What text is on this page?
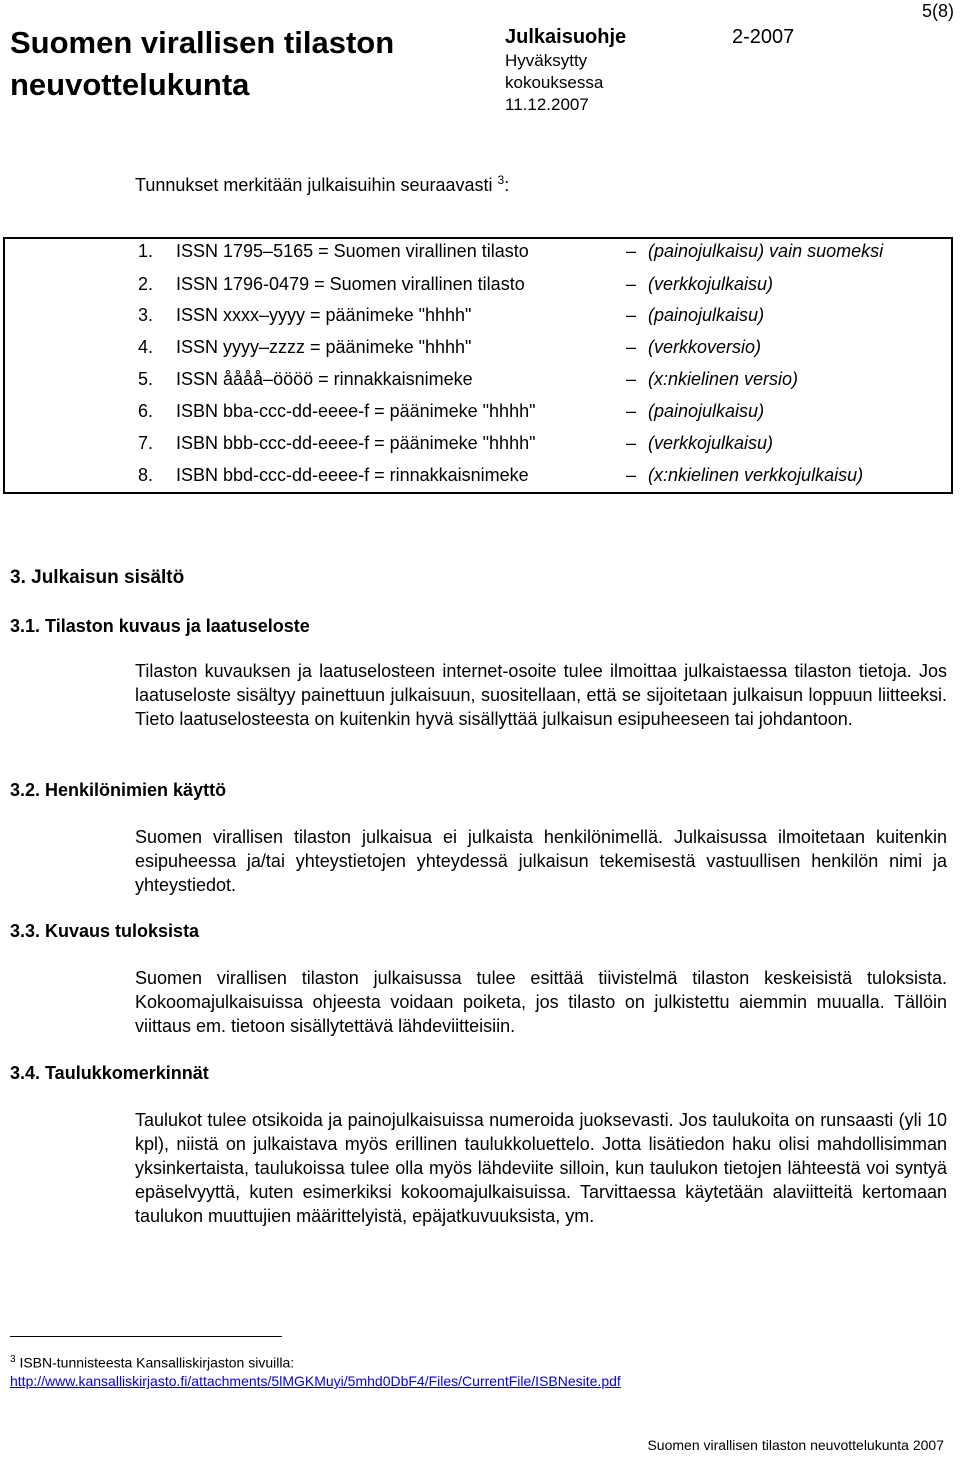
Suomen virallisen tilaston
neuvottelukunta
Julkaisuohje
Hyväksytty
kokouksessa
11.12.2007
2-2007
5(8)
Tunnukset merkitään julkaisuihin seuraavasti $^3$:
1. ISSN 1795–5165 = Suomen virallinen tilasto	– (painojulkaisu) vain suomeksi
2. ISSN 1796-0479 = Suomen virallinen tilasto	– (verkkojulkaisu)
3. ISSN xxxx–yyyy = päänimeke "hhhh"	– (painojulkaisu)
4. ISSN yyyy–zzzz = päänimeke "hhhh"	– (verkkoversio)
5. ISSN åååå–öööö = rinnakkaisnimeke	– (x:nkielinen versio)
6. ISBN bba-ccc-dd-eeee-f = päänimeke "hhhh"	– (painojulkaisu)
7. ISBN bbb-ccc-dd-eeee-f = päänimeke "hhhh"	– (verkkojulkaisu)
8. ISBN bbd-ccc-dd-eeee-f = rinnakkaisnimeke	– (x:nkielinen verkkojulkaisu)
3. Julkaisun sisältö
3.1. Tilaston kuvaus ja laatuseloste
Tilaston kuvauksen ja laatuselosteen internet-osoite tulee ilmoittaa julkaistaessa tilaston tietoja. Jos laatuseloste sisältyy painettuun julkaisuun, suositellaan, että se sijoitetaan julkaisun loppuun liitteeksi. Tieto laatuselosteesta on kuitenkin hyvä sisällyttää julkaisun esipuheeseen tai johdantoon.
3.2. Henkilönimien käyttö
Suomen virallisen tilaston julkaisua ei julkaista henkilönimellä. Julkaisussa ilmoitetaan kuitenkin esipuheessa ja/tai yhteystietojen yhteydessä julkaisun tekemisestä vastuullisen henkilön nimi ja yhteystiedot.
3.3. Kuvaus tuloksista
Suomen virallisen tilaston julkaisussa tulee esittää tiivistelmä tilaston keskeisistä tuloksista. Kokoomajulkaisuissa ohjeesta voidaan poiketa, jos tilasto on julkistettu aiemmin muualla. Tällöin viittaus em. tietoon sisällytettävä lähdeviitteisiin.
3.4. Taulukkomerkinnät
Taulukot tulee otsikoida ja painojulkaisuissa numeroida juoksevasti. Jos taulukoita on runsaasti (yli 10 kpl), niistä on julkaistava myös erillinen taulukkoluettelo. Jotta lisätiedon haku olisi mahdollisimman yksinkertaista, taulukoissa tulee olla myös lähdeviite silloin, kun taulukon tietojen lähteestä voi syntyä epäselvyyttä, kuten esimerkiksi kokoomajulkaisuissa. Tarvittaessa käytetään alaviitteitä kertomaan taulukon muuttujien määrittelyistä, epäjatkuvuuksista, ym.
$^3$ ISBN-tunnisteesta Kansalliskirjaston sivuilla:
http://www.kansalliskirjasto.fi/attachments/5lMGKMuyi/5mhd0DbF4/Files/CurrentFile/ISBNesite.pdf
Suomen virallisen tilaston neuvottelukunta 2007
